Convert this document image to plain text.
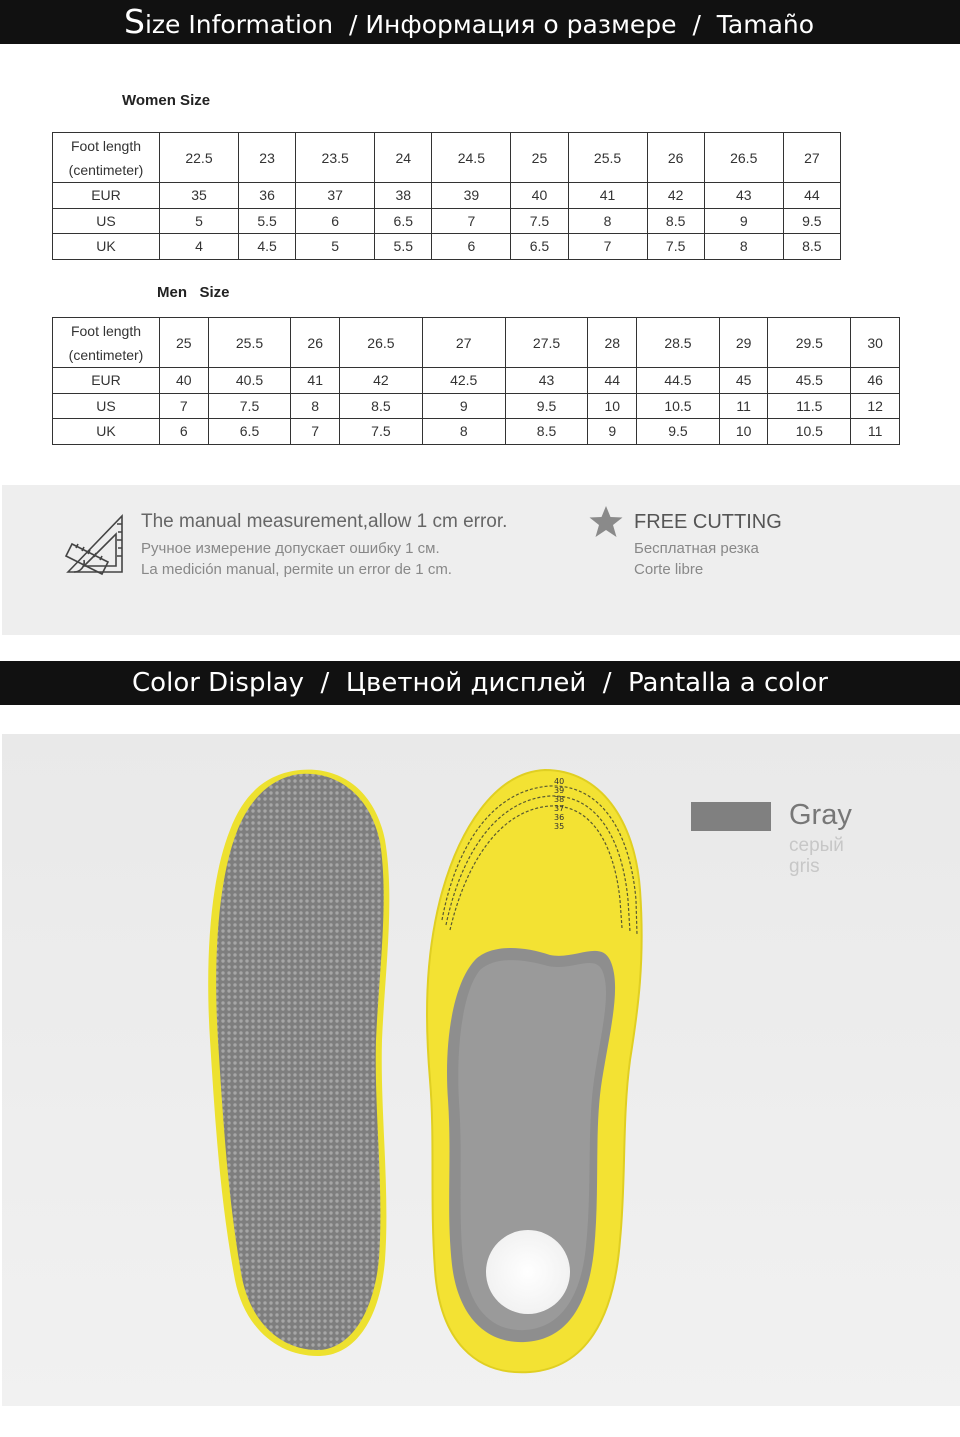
Size Information  / Информация о размере  /  Tamaño
Women Size
Foot length
(centimeter)	22.5	23	23.5	24	24.5	25	25.5	26	26.5	27
EUR	35	36	37	38	39	40	41	42	43	44
US	5	5.5	6	6.5	7	7.5	8	8.5	9	9.5
UK	4	4.5	5	5.5	6	6.5	7	7.5	8	8.5
Men   Size
Foot length
(centimeter)	25	25.5	26	26.5	27	27.5	28	28.5	29	29.5	30
EUR	40	40.5	41	42	42.5	43	44	44.5	45	45.5	46
US	7	7.5	8	8.5	9	9.5	10	10.5	11	11.5	12
UK	6	6.5	7	7.5	8	8.5	9	9.5	10	10.5	11
The manual measurement,allow 1 cm error.
Ручное измерение допускает ошибку 1 см.
La medición manual, permite un error de 1 cm.
FREE CUTTING
Бесплатная резка
Corte libre
Color Display  /  Цветной дисплей  /  Pantalla a color
40
39
38
37
36
35	Gray
серый
gris
